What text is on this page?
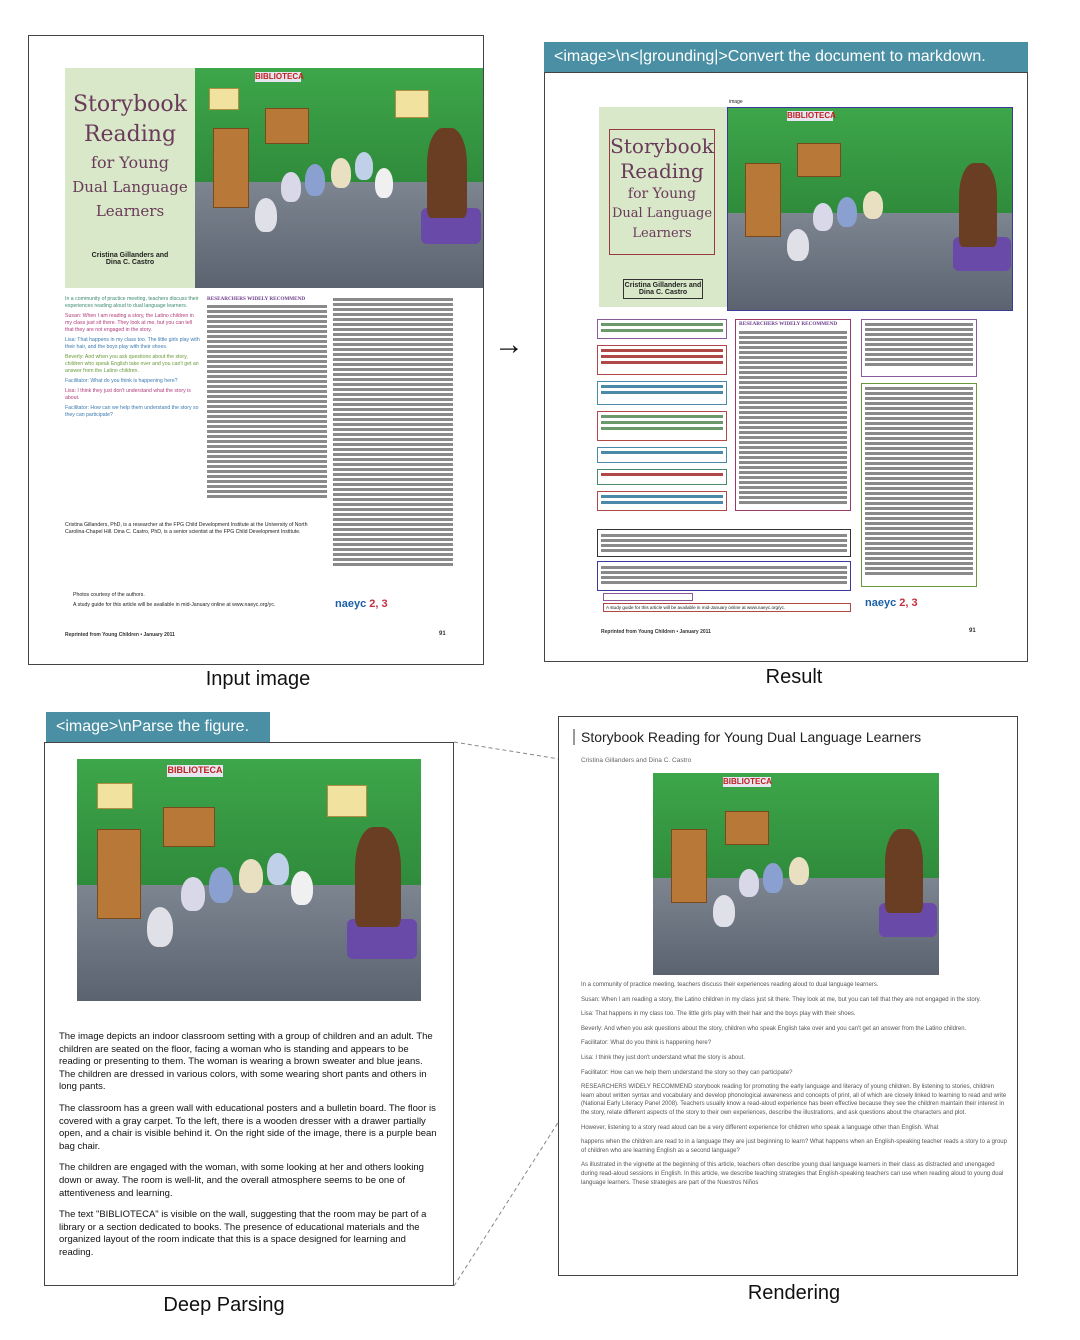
Storybook
Reading
for Young
Dual Language
Learners
Cristina Gillanders and
Dina C. Castro
BIBLIOTECA
In a community of practice meeting, teachers discuss their experiences reading aloud to dual language learners.
Susan: When I am reading a story, the Latino children in my class just sit there. They look at me, but you can tell that they are not engaged in the story.
Lisa: That happens in my class too. The little girls play with their hair, and the boys play with their shoes.
Beverly: And when you ask questions about the story, children who speak English take over and you can't get an answer from the Latino children.
Facilitator: What do you think is happening here?
Lisa: I think they just don't understand what the story is about.
Facilitator: How can we help them understand the story so they can participate?
RESEARCHERS WIDELY RECOMMEND
Cristina Gillanders, PhD, is a researcher at the FPG Child Development Institute at the University of North Carolina-Chapel Hill. Dina C. Castro, PhD, is a senior scientist at the FPG Child Development Institute.
Photos courtesy of the authors.
A study guide for this article will be available in mid-January online at www.naeyc.org/yc.	naeyc 2, 3
Reprinted from Young Children • January 2011	91
Input image
→
<image>\n<|grounding|>Convert the document to markdown.
image
Storybook
Reading
for Young
Dual Language
Learners
Cristina Gillanders and
Dina C. Castro
BIBLIOTECA
RESEARCHERS WIDELY RECOMMEND
A study guide for this article will be available in mid-January online at www.naeyc.org/yc.	naeyc 2, 3
Reprinted from Young Children • January 2011	91
Result
<image>\nParse the figure.
BIBLIOTECA

The image depicts an indoor classroom setting with a group of children and an adult. The children are seated on the floor, facing a woman who is standing and appears to be reading or presenting to them. The woman is wearing a brown sweater and blue jeans. The children are dressed in various colors, with some wearing short pants and others in long pants.

The classroom has a green wall with educational posters and a bulletin board. The floor is covered with a gray carpet. To the left, there is a wooden dresser with a drawer partially open, and a chair is visible behind it. On the right side of the image, there is a purple bean bag chair.

The children are engaged with the woman, with some looking at her and others looking down or away. The room is well-lit, and the overall atmosphere seems to be one of attentiveness and learning.

The text "BIBLIOTECA" is visible on the wall, suggesting that the room may be part of a library or a section dedicated to books. The presence of educational materials and the organized layout of the room indicate that this is a space designed for learning and reading.

Deep Parsing
Storybook Reading for Young Dual Language Learners
Cristina Gillanders and Dina C. Castro
BIBLIOTECA

In a community of practice meeting, teachers discuss their experiences reading aloud to dual language learners.

Susan: When I am reading a story, the Latino children in my class just sit there. They look at me, but you can tell that they are not engaged in the story.

Lisa: That happens in my class too. The little girls play with their hair and the boys play with their shoes.

Beverly: And when you ask questions about the story, children who speak English take over and you can't get an answer from the Latino children.

Facilitator: What do you think is happening here?

Lisa: I think they just don't understand what the story is about.

Facilitator: How can we help them understand the story so they can participate?

RESEARCHERS WIDELY RECOMMEND storybook reading for promoting the early language and literacy of young children. By listening to stories, children learn about written syntax and vocabulary and develop phonological awareness and concepts of print, all of which are closely linked to learning to read and write (National Early Literacy Panel 2008). Teachers usually know a read-aloud experience has been effective because they see the children maintain their interest in the story, relate different aspects of the story to their own experiences, describe the illustrations, and ask questions about the characters and plot.

However, listening to a story read aloud can be a very different experience for children who speak a language other than English. What

happens when the children are read to in a language they are just beginning to learn? What happens when an English-speaking teacher reads a story to a group of children who are learning English as a second language?

As illustrated in the vignette at the beginning of this article, teachers often describe young dual language learners in their class as distracted and unengaged during read-aloud sessions in English. In this article, we describe teaching strategies that English-speaking teachers can use when reading aloud to young dual language learners. These strategies are part of the Nuestros Niños

Rendering
